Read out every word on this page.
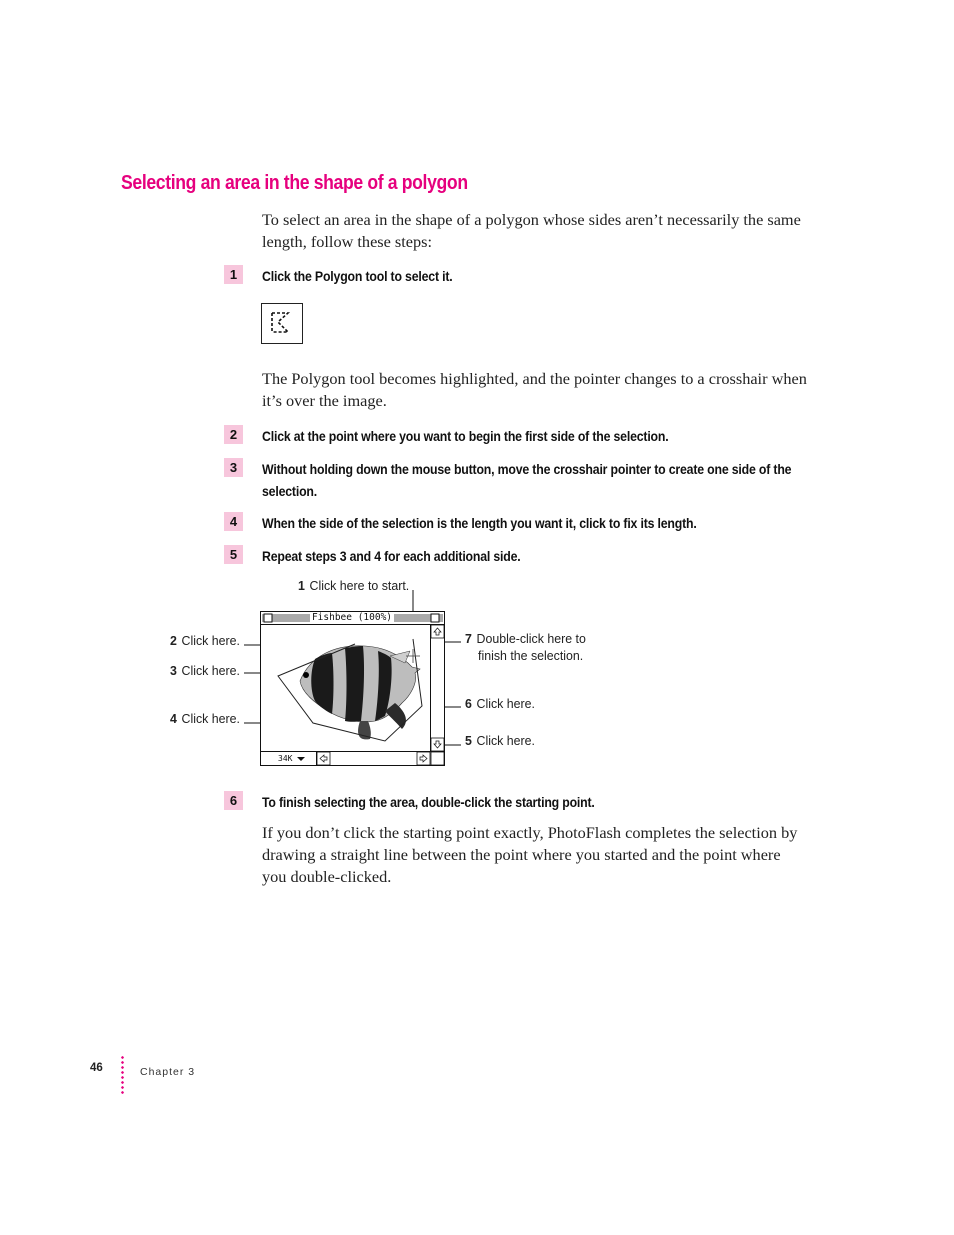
Selecting an area in the shape of a polygon
To select an area in the shape of a polygon whose sides aren’t necessarily the same length, follow these steps:
1	Click the Polygon tool to select it.
The Polygon tool becomes highlighted, and the pointer changes to a crosshair when it’s over the image.
2	Click at the point where you want to begin the first side of the selection.
3	Without holding down the mouse button, move the crosshair pointer to create one side of the selection.
4	When the side of the selection is the length you want it, click to fix its length.
5	Repeat steps 3 and 4 for each additional side.
Fishbee (100%)
34K
1 Click here to start.
2 Click here.
3 Click here.
4 Click here.
7 Double-click here to
finish the selection.
6 Click here.
5 Click here.
6	To finish selecting the area, double-click the starting point.
If you don’t click the starting point exactly, PhotoFlash completes the selection by drawing a straight line between the point where you started and the point where you double-clicked.
46	Chapter 3
